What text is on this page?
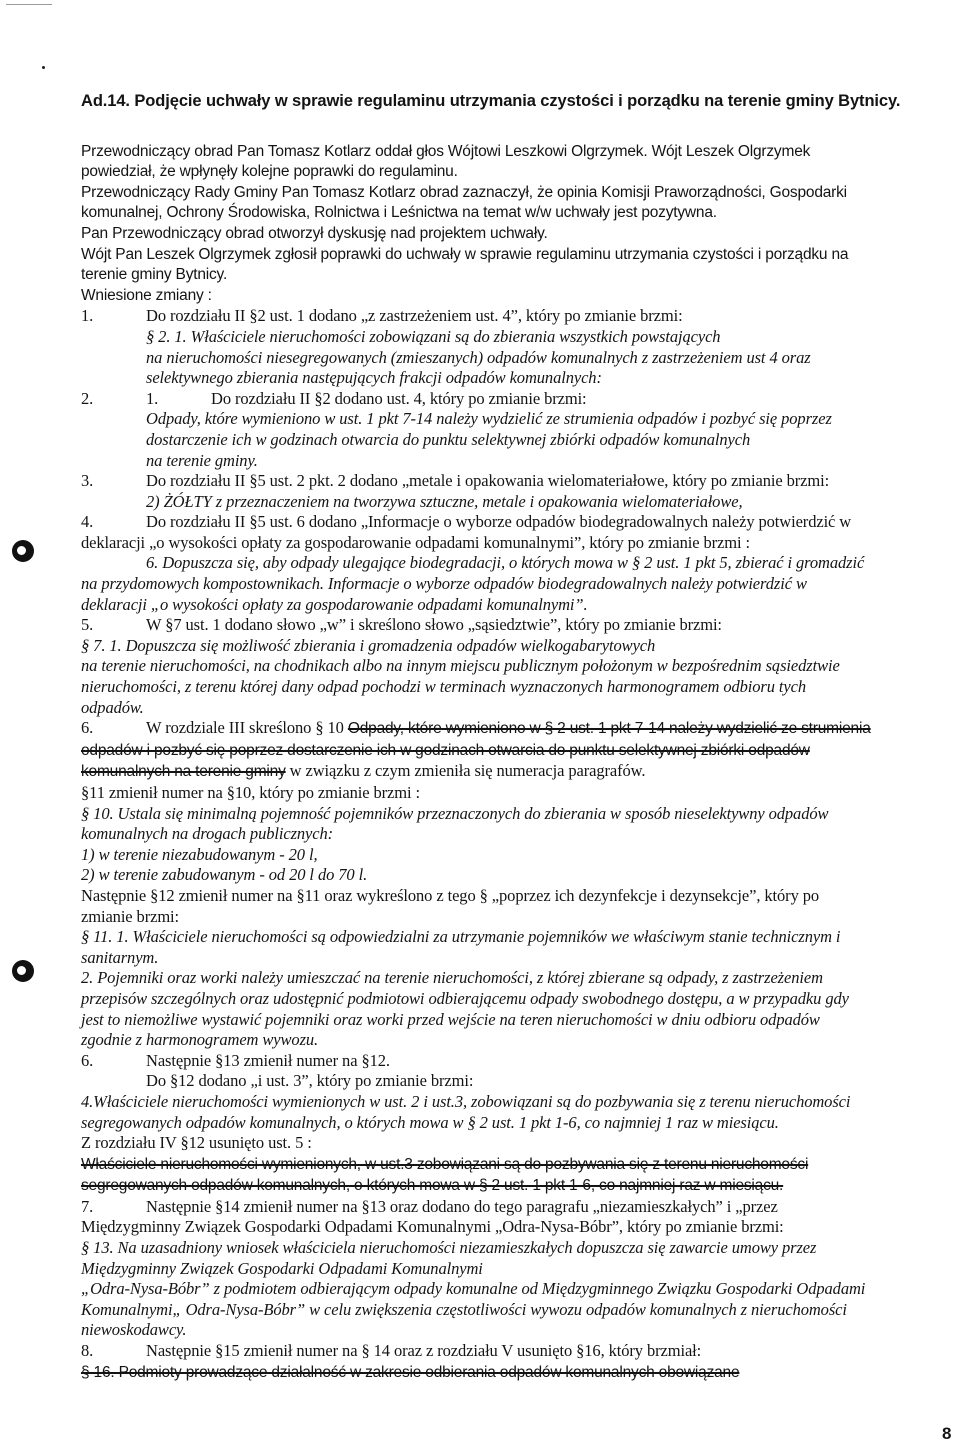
Ad.14. Podjęcie uchwały w sprawie regulaminu utrzymania czystości i porządku na terenie gminy Bytnicy.
Przewodniczący obrad Pan Tomasz Kotlarz oddał głos Wójtowi Leszkowi Olgrzymek. Wójt Leszek Olgrzymek
powiedział, że wpłynęły kolejne poprawki do regulaminu.
Przewodniczący Rady Gminy Pan Tomasz Kotlarz obrad zaznaczył, że opinia Komisji Praworządności, Gospodarki
komunalnej, Ochrony Środowiska, Rolnictwa i Leśnictwa na temat w/w uchwały jest pozytywna.
Pan Przewodniczący obrad otworzył dyskusję nad projektem uchwały.
Wójt Pan Leszek Olgrzymek zgłosił poprawki do uchwały w sprawie regulaminu utrzymania czystości i porządku na
terenie gminy Bytnicy.
Wniesione zmiany :
1.	Do rozdziału II §2 ust. 1 dodano „z zastrzeżeniem ust. 4”, który po zmianie brzmi:
§ 2. 1. Właściciele nieruchomości zobowiązani są do zbierania wszystkich powstających
na nieruchomości niesegregowanych (zmieszanych) odpadów komunalnych z zastrzeżeniem ust 4 oraz
selektywnego zbierania następujących frakcji odpadów komunalnych:
2.	1.	Do rozdziału II §2 dodano ust. 4, który po zmianie brzmi:
Odpady, które wymieniono w ust. 1 pkt 7-14 należy wydzielić ze strumienia odpadów i pozbyć się poprzez
dostarczenie ich w godzinach otwarcia do punktu selektywnej zbiórki odpadów komunalnych
na terenie gminy.
3.	Do rozdziału II §5 ust. 2 pkt. 2 dodano „metale i opakowania wielomateriałowe, który po zmianie brzmi:
2) ŻÓŁTY z przeznaczeniem na tworzywa sztuczne, metale i opakowania wielomateriałowe,
4.	Do rozdziału II §5 ust. 6 dodano „Informacje o wyborze odpadów biodegradowalnych należy potwierdzić w
deklaracji „o wysokości opłaty za gospodarowanie odpadami komunalnymi”, który po zmianie brzmi :
6. Dopuszcza się, aby odpady ulegające biodegradacji, o których mowa w § 2 ust. 1 pkt 5, zbierać i gromadzić
na przydomowych kompostownikach. Informacje o wyborze odpadów biodegradowalnych należy potwierdzić w
deklaracji „o wysokości opłaty za gospodarowanie odpadami komunalnymi”.
5.	W §7 ust. 1 dodano słowo „w” i skreślono słowo „sąsiedztwie”, który po zmianie brzmi:
§ 7. 1. Dopuszcza się możliwość zbierania i gromadzenia odpadów wielkogabarytowych
na terenie nieruchomości, na chodnikach albo na innym miejscu publicznym położonym w bezpośrednim sąsiedztwie
nieruchomości, z terenu której dany odpad pochodzi w terminach wyznaczonych harmonogramem odbioru tych
odpadów.
6.	W rozdziale III skreślono § 10 Odpady, które wymieniono w § 2 ust. 1 pkt 7-14 należy wydzielić ze strumienia
odpadów i pozbyć się poprzez dostarczenie ich w godzinach otwarcia do punktu selektywnej zbiórki odpadów
komunalnych na terenie gminy w związku z czym zmieniła się numeracja paragrafów.
§11 zmienił numer na §10, który po zmianie brzmi :
§ 10. Ustala się minimalną pojemność pojemników przeznaczonych do zbierania w sposób nieselektywny odpadów
komunalnych na drogach publicznych:
1) w terenie niezabudowanym - 20 l,
2) w terenie zabudowanym - od 20 l do 70 l.
Następnie §12 zmienił numer na §11 oraz wykreślono z tego § „poprzez ich dezynfekcje i dezynsekcje”, który po
zmianie brzmi:
§ 11. 1. Właściciele nieruchomości są odpowiedzialni za utrzymanie pojemników we właściwym stanie technicznym i
sanitarnym.
2. Pojemniki oraz worki należy umieszczać na terenie nieruchomości, z której zbierane są odpady, z zastrzeżeniem
przepisów szczególnych oraz udostępnić podmiotowi odbierającemu odpady swobodnego dostępu, a w przypadku gdy
jest to niemożliwe wystawić pojemniki oraz worki przed wejście na teren nieruchomości w dniu odbioru odpadów
zgodnie z harmonogramem wywozu.
6.	Następnie §13 zmienił numer na §12.
Do §12 dodano „i ust. 3”, który po zmianie brzmi:
4.Właściciele nieruchomości wymienionych w ust. 2 i ust.3, zobowiązani są do pozbywania się z terenu nieruchomości
segregowanych odpadów komunalnych, o których mowa w § 2 ust. 1 pkt 1-6, co najmniej 1 raz w miesiącu.
Z rozdziału IV §12 usunięto ust. 5 :
Właściciele nieruchomości wymienionych, w ust.3 zobowiązani są do pozbywania się z terenu nieruchomości
segregowanych odpadów komunalnych, o których mowa w § 2 ust. 1 pkt 1-6, co najmniej raz w miesiącu.
7.	Następnie §14 zmienił numer na §13 oraz dodano do tego paragrafu „niezamieszkałych” i „przez
Międzygminny Związek Gospodarki Odpadami Komunalnymi „Odra-Nysa-Bóbr”, który po zmianie brzmi:
§ 13. Na uzasadniony wniosek właściciela nieruchomości niezamieszkałych dopuszcza się zawarcie umowy przez
Międzygminny Związek Gospodarki Odpadami Komunalnymi
„Odra-Nysa-Bóbr” z podmiotem odbierającym odpady komunalne od Międzygminnego Związku Gospodarki Odpadami
Komunalnymi„ Odra-Nysa-Bóbr” w celu zwiększenia częstotliwości wywozu odpadów komunalnych z nieruchomości
niewoskodawcy.
8.	Następnie §15 zmienił numer na § 14 oraz z rozdziału V usunięto §16, który brzmiał:
§ 16. Podmioty prowadzące działalność w zakresie odbierania odpadów komunalnych obowiązane
8
